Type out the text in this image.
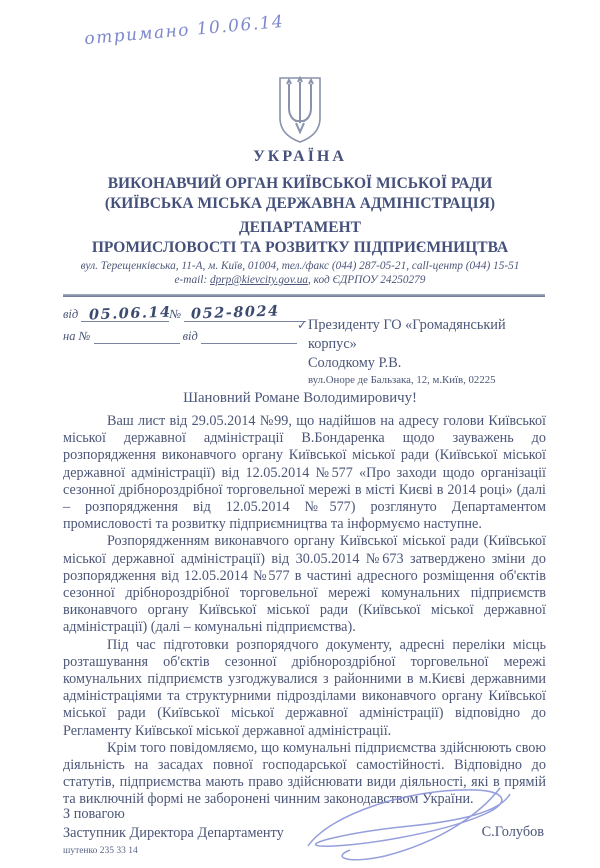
отримано 10.06.14
УКРАЇНА
ВИКОНАВЧИЙ ОРГАН КИЇВСЬКОЇ МІСЬКОЇ РАДИ
(КИЇВСЬКА МІСЬКА ДЕРЖАВНА АДМІНІСТРАЦІЯ)
ДЕПАРТАМЕНТ
ПРОМИСЛОВОСТІ ТА РОЗВИТКУ ПІДПРИЄМНИЦТВА
вул. Терещенківська, 11-А, м. Київ, 01004, тел./факс (044) 287-05-21, call-центр (044) 15-51
e-mail: dprp@kievcity.gov.ua, код ЄДРПОУ 24250279
від	№
05.06.14 052-8024
на №	від
✓ Президенту ГО «Громадянський
корпус»
Солодкому Р.В.
вул.Оноре де Бальзака, 12, м.Київ, 02225
Шановний Романе Володимировичу!

Ваш лист від 29.05.2014 №99, що надійшов на адресу голови Київської міської державної адміністрації В.Бондаренка щодо зауважень до розпорядження виконавчого органу Київської міської ради (Київської міської державної адміністрації) від 12.05.2014 №577 «Про заходи щодо організації сезонної дрібнороздрібної торговельної мережі в місті Києві в 2014 році» (далі – розпорядження від 12.05.2014 №577) розглянуто Департаментом промисловості та розвитку підприємництва та інформуємо наступне.

Розпорядженням виконавчого органу Київської міської ради (Київської міської державної адміністрації) від 30.05.2014 №673 затверджено зміни до розпорядження від 12.05.2014 №577 в частині адресного розміщення об'єктів сезонної дрібнороздрібної торговельної мережі комунальних підприємств виконавчого органу Київської міської ради (Київської міської державної адміністрації) (далі – комунальні підприємства).

Під час підготовки розпорядчого документу, адресні переліки місць розташування об'єктів сезонної дрібнороздрібної торговельної мережі комунальних підприємств узгоджувалися з районними в м.Києві державними адміністраціями та структурними підрозділами виконавчого органу Київської міської ради (Київської міської державної адміністрації) відповідно до Регламенту Київської міської державної адміністрації.

Крім того повідомляємо, що комунальні підприємства здійснюють свою діяльність на засадах повної господарської самостійності. Відповідно до статутів, підприємства мають право здійснювати види діяльності, які в прямій та виключній формі не заборонені чинним законодавством України.

З повагою
Заступник Директора Департаменту	С.Голубов
шутенко 235 33 14
